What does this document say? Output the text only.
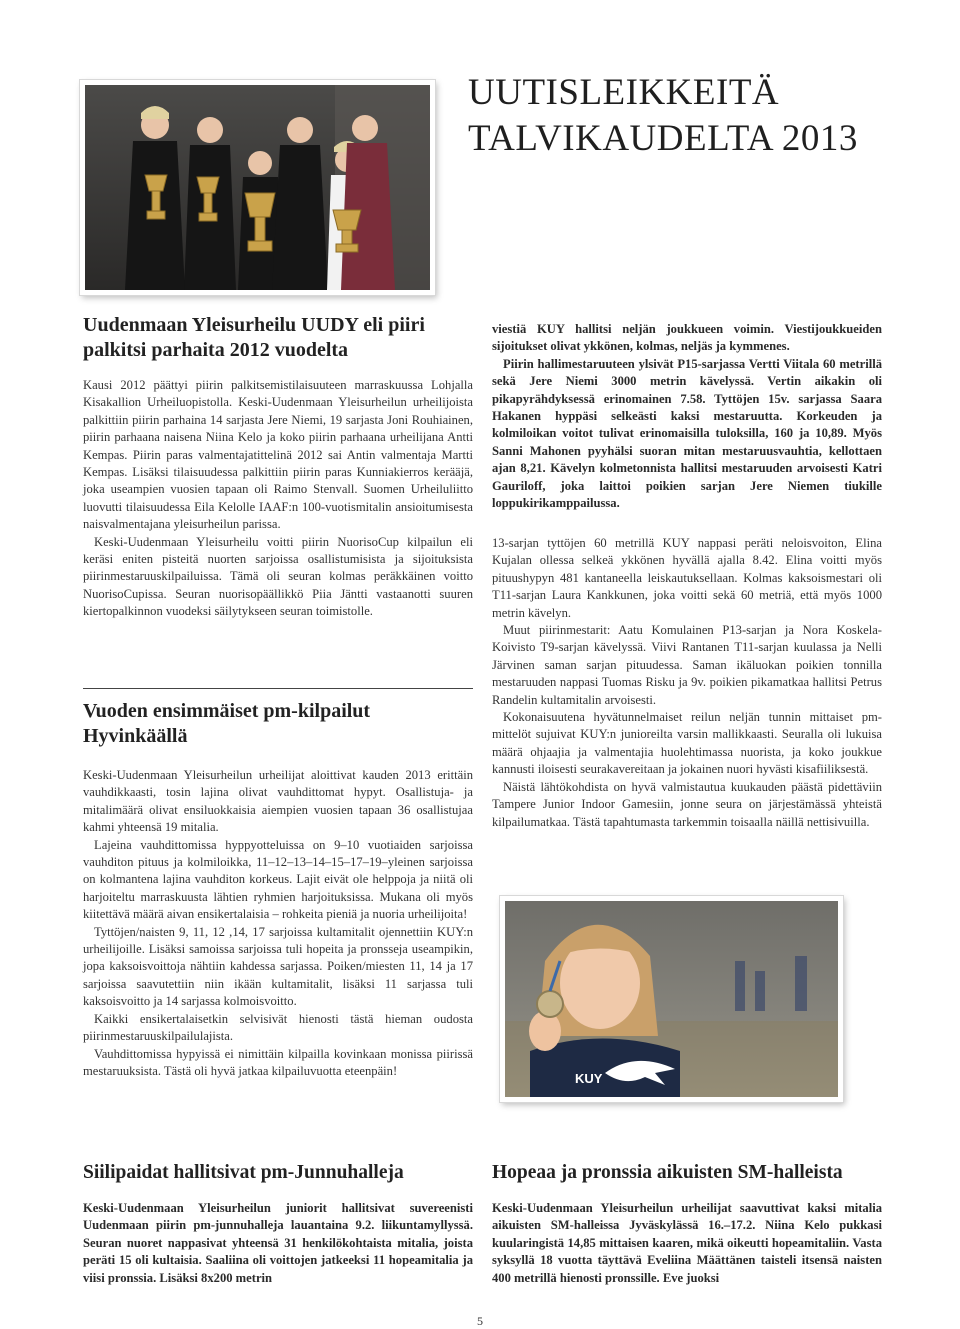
UUTISLEIKKEITÄ
TALVIKAUDELTA 2013
Uudenmaan Yleisurheilu UUDY eli piiri
palkitsi parhaita 2012 vuodelta

Kausi 2012 päättyi piirin palkitsemistilaisuuteen marraskuussa Lohjalla Kisakallion Urheiluopistolla. Keski-Uudenmaan Yleisurheilun urheilijoista palkittiin piirin parhaina 14 sarjasta Jere Niemi, 19 sarjasta Joni Rouhiainen, piirin parhaana naisena Niina Kelo ja koko piirin parhaana urheilijana Antti Kempas. Piirin paras valmentajatittelinä 2012 sai Antin valmentaja Martti Kempas. Lisäksi tilaisuudessa palkittiin piirin paras Kunniakierros kerääjä, joka useampien vuosien tapaan oli Raimo Stenvall. Suomen Urheiluliitto luovutti tilaisuudessa Eila Kelolle IAAF:n 100-vuotismitalin ansioitumisesta naisvalmentajana yleisurheilun parissa.

Keski-Uudenmaan Yleisurheilu voitti piirin NuorisoCup kilpailun eli keräsi eniten pisteitä nuorten sarjoissa osallistumisista ja sijoituksista piirinmestaruuskilpailuissa. Tämä oli seuran kolmas peräkkäinen voitto NuorisoCupissa. Seuran nuorisopäällikkö Piia Jäntti vastaanotti suuren kiertopalkinnon vuodeksi säilytykseen seuran toimistolle.

Vuoden ensimmäiset pm-kilpailut
Hyvinkäällä

Keski-Uudenmaan Yleisurheilun urheilijat aloittivat kauden 2013 erittäin vauhdikkaasti, tosin lajina olivat vauhdittomat hypyt. Osallistuja- ja mitalimäärä olivat ensiluokkaisia aiempien vuosien tapaan 36 osallistujaa kahmi yhteensä 19 mitalia.

Lajeina vauhdittomissa hyppyotteluissa on 9–10 vuotiaiden sarjoissa vauhditon pituus ja kolmiloikka, 11–12–13–14–15–17–19–yleinen sarjoissa on kolmantena lajina vauhditon korkeus. Lajit eivät ole helppoja ja niitä oli harjoiteltu marraskuusta lähtien ryhmien harjoituksissa. Mukana oli myös kiitettävä määrä aivan ensikertalaisia – rohkeita pieniä ja nuoria urheilijoita!

Tyttöjen/naisten 9, 11, 12 ,14, 17 sarjoissa kultamitalit ojennettiin KUY:n urheilijoille. Lisäksi samoissa sarjoissa tuli hopeita ja pronsseja useampikin, jopa kaksoisvoittoja nähtiin kahdessa sarjassa. Poiken/miesten 11, 14 ja 17 sarjoissa saavutettiin niin ikään kultamitalit, lisäksi 11 sarjassa tuli kaksoisvoitto ja 14 sarjassa kolmoisvoitto.

Kaikki ensikertalaisetkin selvisivät hienosti tästä hieman oudosta piirinmestaruuskilpailulajista.

Vauhdittomissa hypyissä ei nimittäin kilpailla kovinkaan monissa piirissä mestaruuksista. Tästä oli hyvä jatkaa kilpailuvuotta eteenpäin!

viestiä KUY hallitsi neljän joukkueen voimin. Viestijoukkueiden sijoitukset olivat ykkönen, kolmas, neljäs ja kymmenes.

Piirin hallimestaruuteen ylsivät P15-sarjassa Vertti Viitala 60 metrillä sekä Jere Niemi 3000 metrin kävelyssä. Vertin aikakin oli pikapyrähdyksessä erinomainen 7.58. Tyttöjen 15v. sarjassa Saara Hakanen hyppäsi selkeästi kaksi mestaruutta. Korkeuden ja kolmiloikan voitot tulivat erinomaisilla tuloksilla, 160 ja 10,89. Myös Sanni Mahonen pyyhälsi suoran mitan mestaruusvauhtia, kellottaen ajan 8,21. Kävelyn kolmetonnista hallitsi mestaruuden arvoisesti Katri Gauriloff, joka laittoi poikien sarjan Jere Niemen tiukille loppukirikamppailussa.

13-sarjan tyttöjen 60 metrillä KUY nappasi peräti neloisvoiton, Elina Kujalan ollessa selkeä ykkönen hyvällä ajalla 8.42. Elina voitti myös pituushypyn 481 kantaneella leiskautuksellaan. Kolmas kaksoismestari oli T11-sarjan Laura Kankkunen, joka voitti sekä 60 metriä, että myös 1000 metrin kävelyn.

Muut piirinmestarit: Aatu Komulainen P13-sarjan ja Nora Koskela-Koivisto T9-sarjan kävelyssä. Viivi Rantanen T11-sarjan kuulassa ja Nelli Järvinen saman sarjan pituudessa. Saman ikäluokan poikien tonnilla mestaruuden nappasi Tuomas Risku ja 9v. poikien pikamatkaa hallitsi Petrus Randelin kultamitalin arvoisesti.

Kokonaisuutena hyvätunnelmaiset reilun neljän tunnin mittaiset pm-mittelöt sujuivat KUY:n junioreilta varsin mallikkaasti. Seuralla oli lukuisa määrä ohjaajia ja valmentajia huolehtimassa nuorista, ja koko joukkue kannusti iloisesti seurakavereitaan ja jokainen nuori hyvästi kisafiiliksestä.

Näistä lähtökohdista on hyvä valmistautua kuukauden päästä pidettäviin Tampere Junior Indoor Gamesiin, jonne seura on järjestämässä yhteistä kilpailumatkaa. Tästä tapahtumasta tarkemmin toisaalla näillä nettisivuilla.

KUY
Siilipaidat hallitsivat pm-Junnuhalleja

Keski-Uudenmaan Yleisurheilun juniorit hallitsivat suvereenisti Uudenmaan piirin pm-junnuhalleja lauantaina 9.2. liikuntamyllyssä. Seuran nuoret nappasivat yhteensä 31 henkilökohtaista mitalia, joista peräti 15 oli kultaisia. Saaliina oli voittojen jatkeeksi 11 hopeamitalia ja viisi pronssia. Lisäksi 8x200 metrin

Hopeaa ja pronssia aikuisten SM-halleista

Keski-Uudenmaan Yleisurheilun urheilijat saavuttivat kaksi mitalia aikuisten SM-halleissa Jyväskylässä 16.–17.2. Niina Kelo pukkasi kuularingistä 14,85 mittaisen kaaren, mikä oikeutti hopeamitaliin. Vasta syksyllä 18 vuotta täyttävä Eveliina Määttänen taisteli itsensä naisten 400 metrillä hienosti pronssille. Eve juoksi

5
